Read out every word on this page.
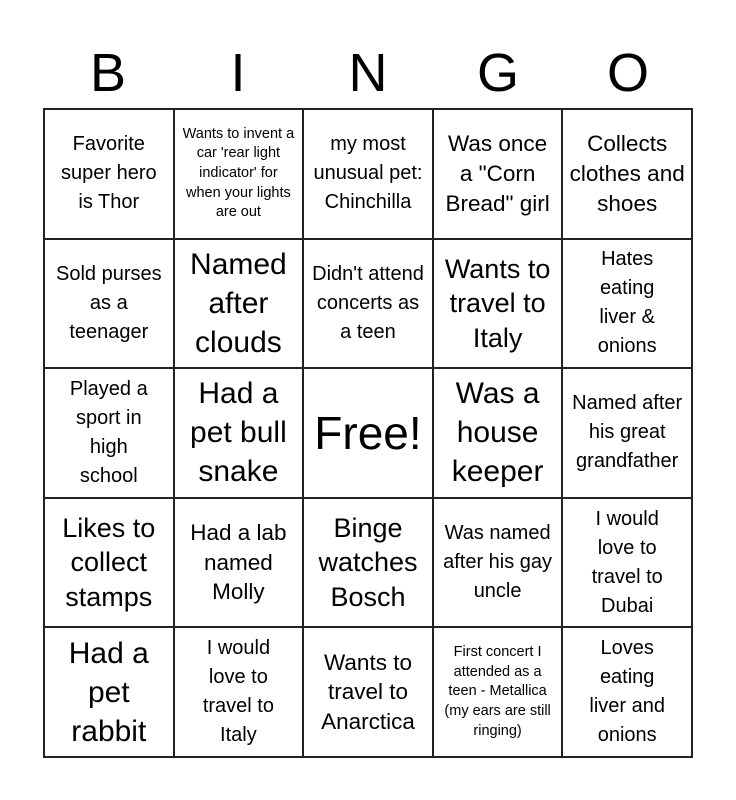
B	I	N	G	O
Favorite super hero is Thor
Wants to invent a car 'rear light indicator' for when your lights are out
my most unusual pet: Chinchilla
Was once a "Corn Bread" girl
Collects clothes and shoes
Sold purses as a teenager
Named after clouds
Didn't attend concerts as a teen
Wants to travel to Italy
Hates eating liver & onions
Played a sport in high school
Had a pet bull snake
Free!
Was a house keeper
Named after his great grandfather
Likes to collect stamps
Had a lab named Molly
Binge watches Bosch
Was named after his gay uncle
I would love to travel to Dubai
Had a pet rabbit
I would love to travel to Italy
Wants to travel to Anarctica
First concert I attended as a teen - Metallica (my ears are still ringing)
Loves eating liver and onions
